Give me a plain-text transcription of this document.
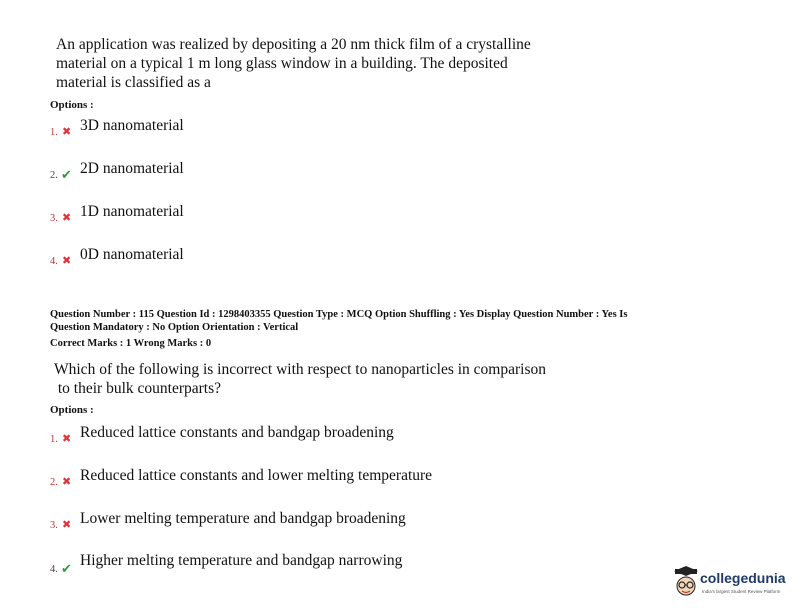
An application was realized by depositing a 20 nm thick film of a crystalline
material on a typical 1 m long glass window in a building. The deposited
material is classified as a
Options :
1. ✖ 3D nanomaterial
2. ✔ 2D nanomaterial
3. ✖ 1D nanomaterial
4. ✖ 0D nanomaterial
Question Number : 115 Question Id : 1298403355 Question Type : MCQ Option Shuffling : Yes Display Question Number : Yes Is
Question Mandatory : No Option Orientation : Vertical
Correct Marks : 1 Wrong Marks : 0
Which of the following is incorrect with respect to nanoparticles in comparison
to their bulk counterparts?
Options :
1. ✖ Reduced lattice constants and bandgap broadening
2. ✖ Reduced lattice constants and lower melting temperature
3. ✖ Lower melting temperature and bandgap broadening
4. ✔ Higher melting temperature and bandgap narrowing
collegedunia
India's largest Student Review Platform
